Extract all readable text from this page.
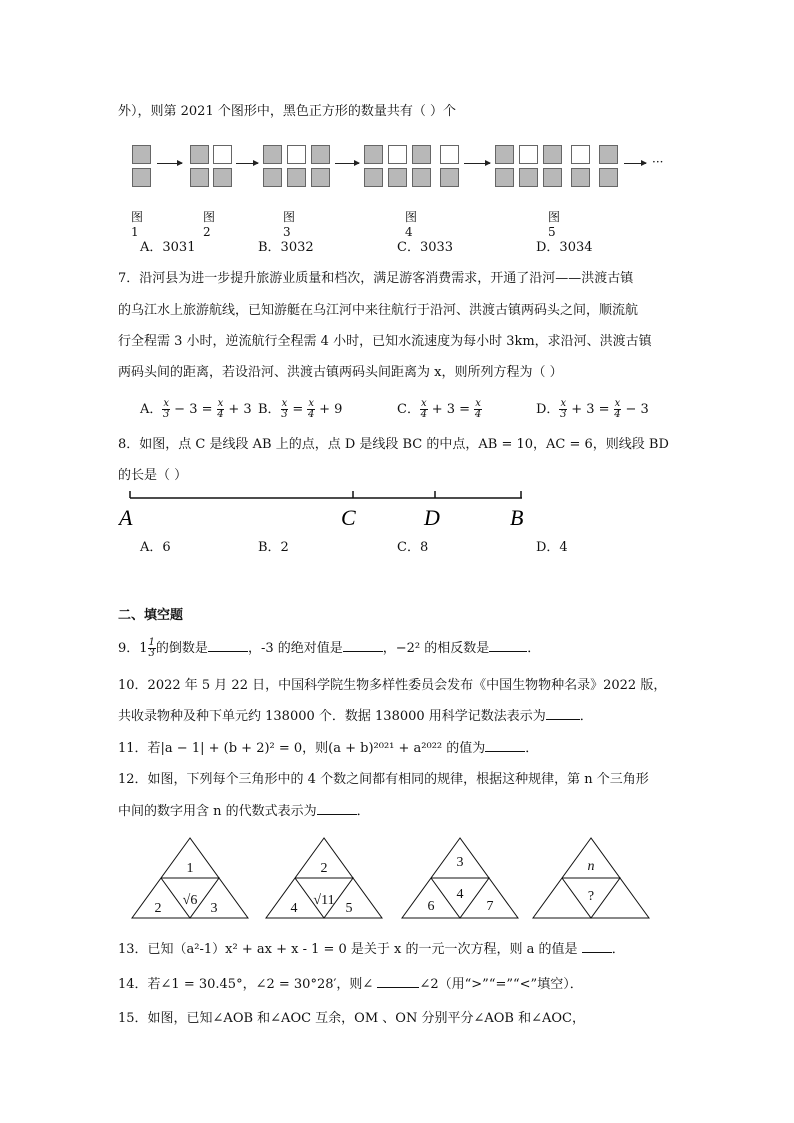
外），则第 2021 个图形中，黑色正方形的数量共有（ ）个
···
图1
图2
图3
图4
图5
A．3031	B．3032	C．3033	D．3034
7．沿河县为进一步提升旅游业质量和档次，满足游客消费需求，开通了沿河——洪渡古镇
的乌江水上旅游航线，已知游艇在乌江河中来往航行于沿河、洪渡古镇两码头之间，顺流航
行全程需 3 小时，逆流航行全程需 4 小时，已知水流速度为每小时 3km，求沿河、洪渡古镇
两码头间的距离，若设沿河、洪渡古镇两码头间距离为 x，则所列方程为（ ）
A． $\frac{x}{3} - 3 = \frac{x}{4} + 3$ B． $\frac{x}{3} = \frac{x}{4} + 9$	C． $\frac{x}{4} + 3 = \frac{x}{4}$	D． $\frac{x}{3} + 3 = \frac{x}{4} - 3$
8．如图，点 C 是线段 AB 上的点，点 D 是线段 BC 的中点，AB = 10，AC = 6，则线段 BD
的长是（ ）
A	C	D	B
A．6	B．2	C．8	D．4
二、填空题
9．$1 \frac{1}{3}$ 的倒数是	，-3 的绝对值是	，−2² 的相反数是	．
10．2022 年 5 月 22 日，中国科学院生物多样性委员会发布《中国生物物种名录》2022 版，
共收录物种及种下单元约 138000 个．数据 138000 用科学记数法表示为	．
11．若|a − 1| + (b + 2)² = 0，则(a + b)²⁰²¹ + a²⁰²² 的值为	．
12．如图，下列每个三角形中的 4 个数之间都有相同的规律，根据这种规律，第 n 个三角形
中间的数字用含 n 的代数式表示为	．
1
√6
2	3
2
√11
4	5
3
4
6	7
n
?
13．已知（a²-1）x² + ax + x - 1 = 0 是关于 x 的一元一次方程，则 a 的值是	．
14．若∠1 = 30.45°，∠2 = 30°28′，则∠	∠2（用“>”“=”“<”填空）．
15．如图，已知∠AOB 和∠AOC 互余，OM 、ON 分别平分∠AOB 和∠AOC，
